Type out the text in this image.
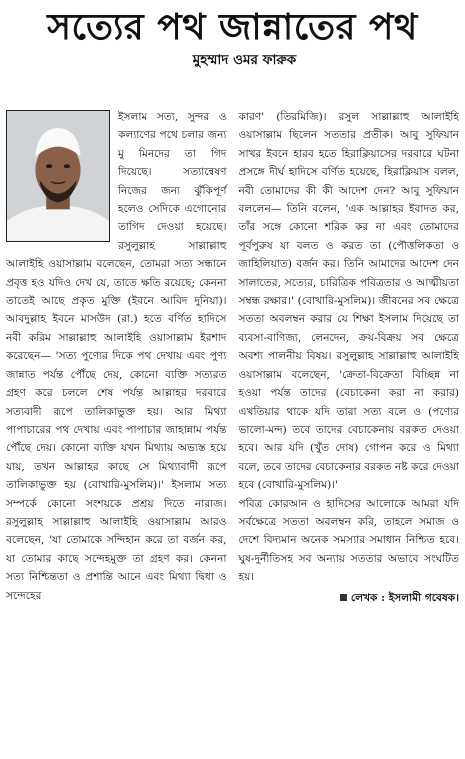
সত্যের পথ জান্নাতের পথ
মুহম্মাদ ওমর ফারুক

ইসলাম সত্য, সুন্দর ও কল্যাণের পথে চলার জন্য মু মিনদের তা গিদ দিয়েছে। সত্যান্বেষণ নিজের জন্য ঝুঁকিপূর্ণ হলেও সেদিকে এগোনোর তাগিদ দেওয়া হয়েছে। রসুলুল্লাহ সাল্লাল্লাহু আলাইহি ওয়াসাল্লাম বলেছেন, তোমরা সত্য সন্ধানে প্রবৃত্ত হও যদিও দেখ যে, তাতে ক্ষতি রয়েছে; কেননা তাতেই আছে প্রকৃত মুক্তি (ইবনে আবিদ দুনিয়া)। আবদুল্লাহ ইবনে মাসউদ (রা.) হতে বর্ণিত হাদিসে নবী করিম সাল্লাল্লাহু আলাইহি ওয়াসাল্লাম ইরশাদ করেছেন— 'সত্য পুণ্যের দিকে পথ দেখায় এবং পুণ্য জান্নাত পর্যন্ত পৌঁছে দেয়, কোনো ব্যক্তি সত্যরত গ্রহণ করে চললে শেষ পর্যন্ত আল্লাহর দরবারে সত্যবাদী রূপে তালিকাভুক্ত হয়। আর মিথ্যা পাপাচারের পথ দেখায় এবং পাপাচার জাহান্নাম পর্যন্ত পৌঁছে দেয়। কোনো ব্যক্তি যখন মিথ্যায় অভ্যস্ত হয়ে যায়, তখন আল্লাহর কাছে সে মিথ্যাবাদী রূপে তালিকাভুক্ত হয় (বোখারি-মুসলিম)।' ইসলাম সত্য সম্পর্কে কোনো সংশয়কে প্রশ্রয় দিতে নারাজ। রসুলুল্লাহ সাল্লাল্লাহু আলাইহি ওয়াসাল্লাম আরও বলেছেন, 'যা তোমাকে সন্দিহান করে তা বর্জন কর, যা তোমার কাছে সন্দেহমুক্ত তা গ্রহণ কর। কেননা সত্য নিশ্চিন্ততা ও প্রশান্তি আনে এবং মিথ্যা দ্বিধা ও সন্দেহের

কারণ' (তিরমিজি)। রসুল সাল্লাল্লাহু আলাইহি ওয়াসাল্লাম ছিলেন সততার প্রতীক। আবু সুফিয়ান সাখর ইবনে হারব হতে হিরাক্লিয়াসের দরবারে ঘটনা প্রসঙ্গে দীর্ঘ হাদিসে বর্ণিত হয়েছে, হিরাক্লিয়াস বলল, নবী তোমাদের কী কী আদেশ দেন? আবু সুফিয়ান বললেন— তিনি বলেন, 'এক আল্লাহর ইবাদত কর, তাঁর সঙ্গে কোনো শরিক কর না এবং তোমাদের পূর্বপুরুষ যা বলত ও করত তা (পৌত্তলিকতা ও জাহিলিয়াত) বর্জন কর। তিনি আমাদের আদেশ দেন সালাতের, সত্যের, চারিত্রিক পবিত্রতার ও আত্মীয়তা সম্বন্ধ রক্ষার।' (বোখারি-মুসলিম)। জীবনের সব ক্ষেত্রে সততা অবলম্বন করার যে শিক্ষা ইসলাম দিয়েছে তা ব্যবসা-বাণিজ্য, লেনদেন, ক্রয়-বিক্রয় সব ক্ষেত্রে অবশ্য পালনীয় বিষয়। রসুলুল্লাহ সাল্লাল্লাহু আলাইহি ওয়াসাল্লাম বলেছেন, 'ক্রেতা-বিক্রেতা বিচ্ছিন্ন না হওয়া পর্যন্ত তাদের (বেচাকেনা করা না করার) এখতিয়ার থাকে যদি তারা সত্য বলে ও (পণ্যের ভালো-মন্দ) তবে তাদের বেচাকেনায় বরকত দেওয়া হবে। আর যদি (খুঁত দোষ) গোপন করে ও মিথ্যা বলে, তবে তাদের বেচাকেনার বরকত নষ্ট করে দেওয়া হবে (বোখারি-মুসলিম)।'

পবিত্র কোরআন ও হাদিসের আলোকে আমরা যদি সর্বক্ষেত্রে সততা অবলম্বন করি, তাহলে সমাজ ও দেশে বিদ্যমান অনেক সমস্যার সমাধান নিশ্চিত হবে। ঘুষ-দুর্নীতিসহ সব অন্যায় সততার অভাবে সংঘটিত হয়।

লেখক : ইসলামী গবেষক।
